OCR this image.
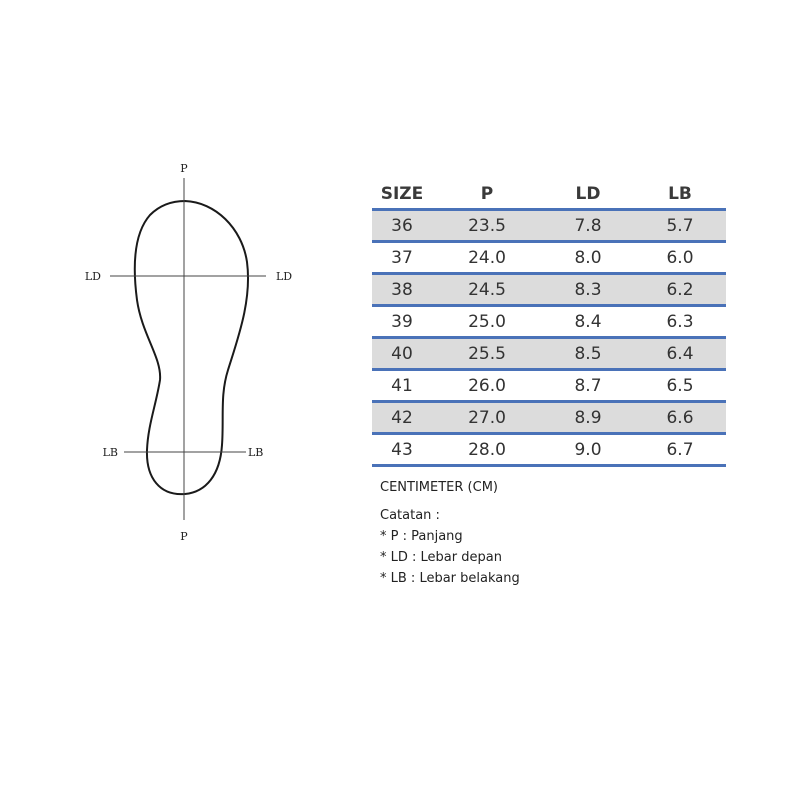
P
P
LD	LD
LB	LB
SIZE	P	LD	LB
36	23.5	7.8	5.7
37	24.0	8.0	6.0
38	24.5	8.3	6.2
39	25.0	8.4	6.3
40	25.5	8.5	6.4
41	26.0	8.7	6.5
42	27.0	8.9	6.6
43	28.0	9.0	6.7
CENTIMETER (CM)
Catatan :
* P : Panjang
* LD : Lebar depan
* LB : Lebar belakang
